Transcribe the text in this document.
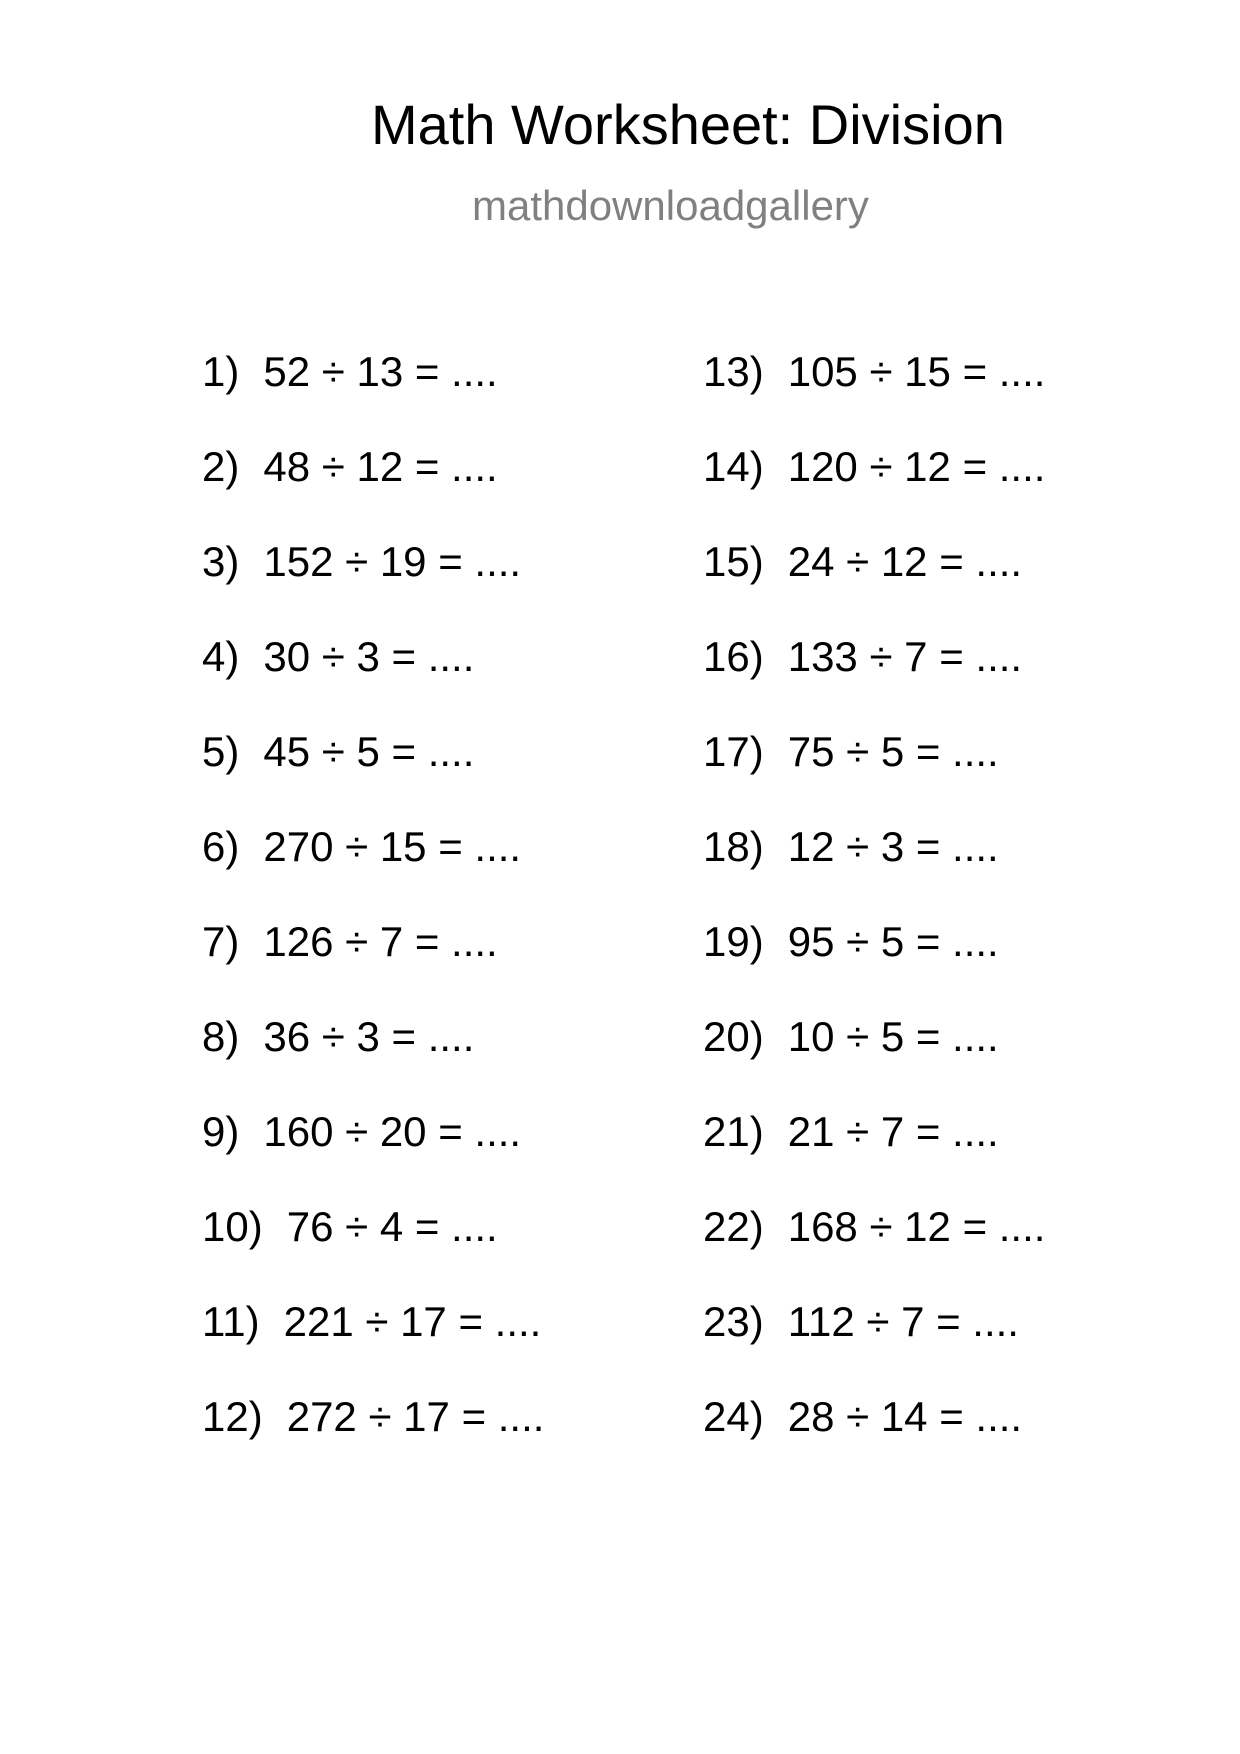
Math Worksheet: Division
mathdownloadgallery
1 ) 52 ÷ 13 = ....
2 ) 48 ÷ 12 = ....
3 ) 152 ÷ 19 = ....
4 ) 30 ÷ 3 = ....
5 ) 45 ÷ 5 = ....
6 ) 270 ÷ 15 = ....
7 ) 126 ÷ 7 = ....
8 ) 36 ÷ 3 = ....
9 ) 160 ÷ 20 = ....
10 ) 76 ÷ 4 = ....
11 ) 221 ÷ 17 = ....
12 ) 272 ÷ 17 = ....
13 ) 105 ÷ 15 = ....
14 ) 120 ÷ 12 = ....
15 ) 24 ÷ 12 = ....
16 ) 133 ÷ 7 = ....
17 ) 75 ÷ 5 = ....
18 ) 12 ÷ 3 = ....
19 ) 95 ÷ 5 = ....
20 ) 10 ÷ 5 = ....
21 ) 21 ÷ 7 = ....
22 ) 168 ÷ 12 = ....
23 ) 112 ÷ 7 = ....
24 ) 28 ÷ 14 = ....
